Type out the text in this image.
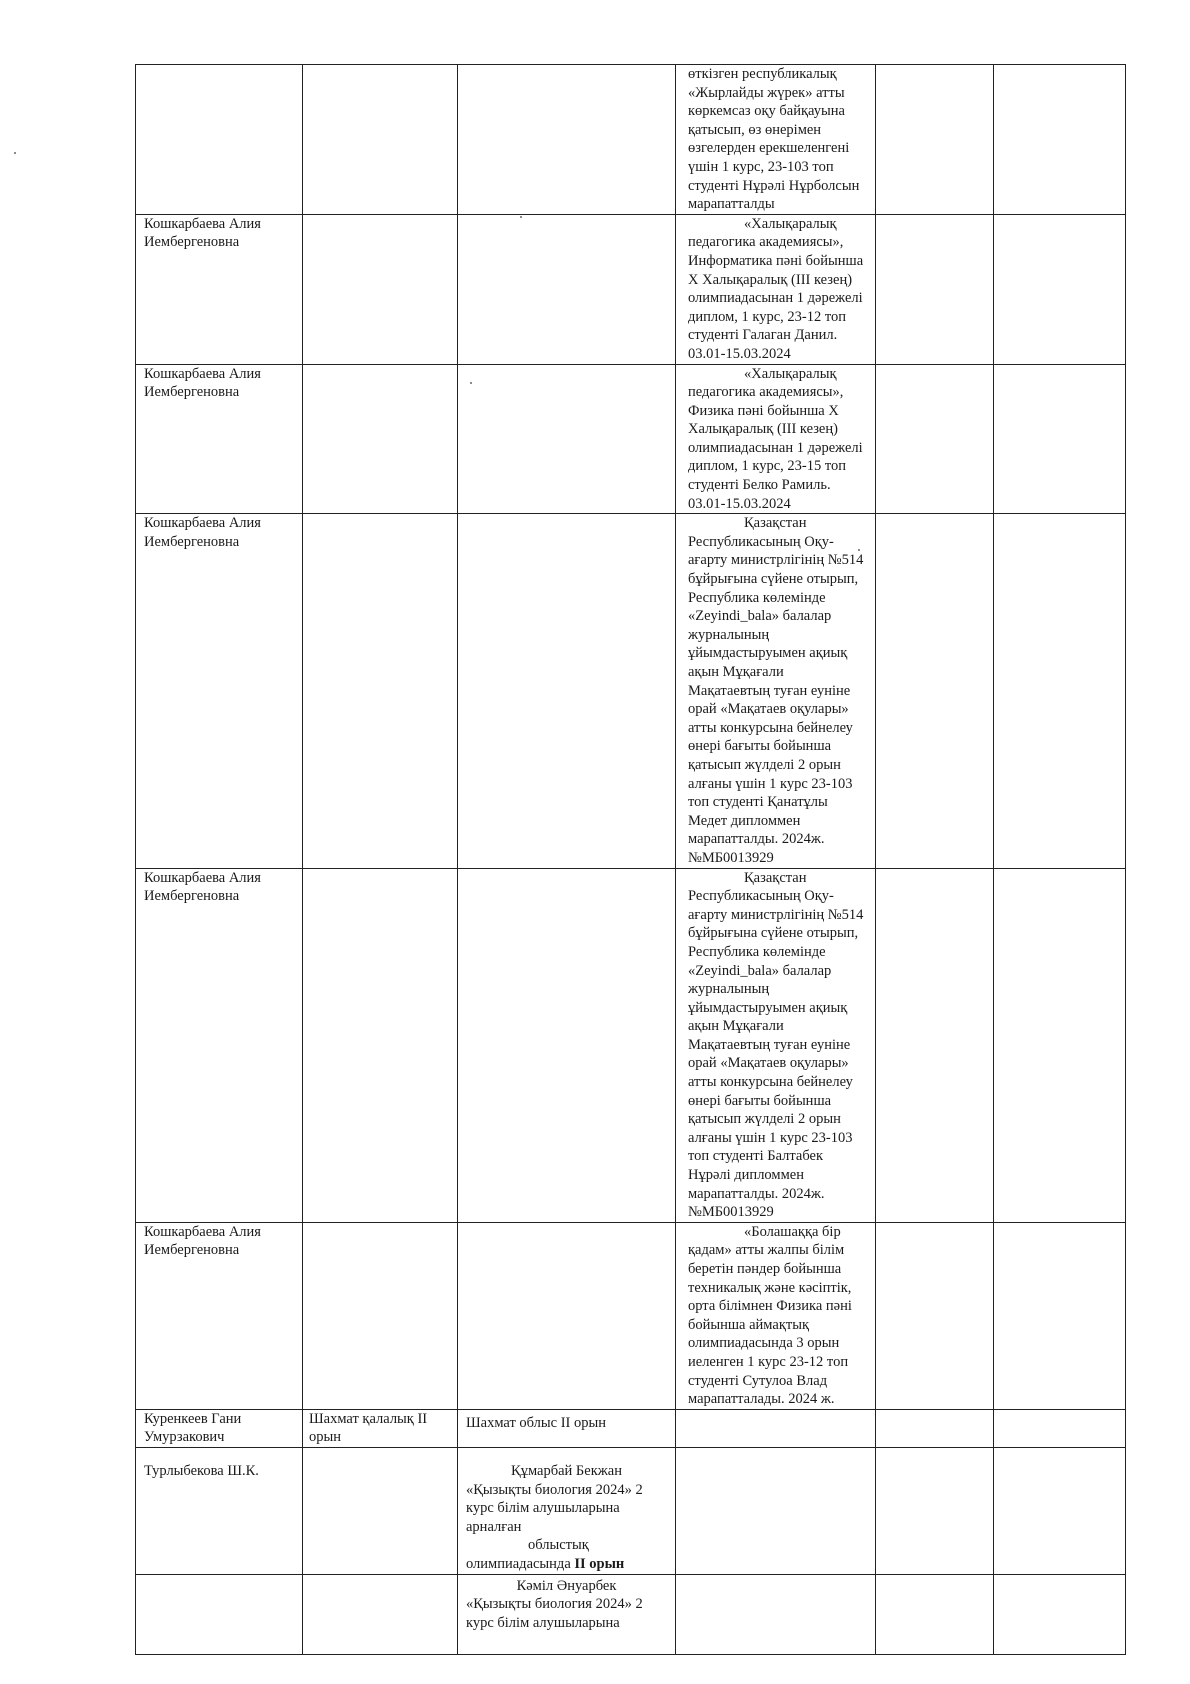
			өткізген республикалық «Жырлайды жүрек» атты көркемсаз оқу байқауына қатысып, өз өнерімен өзгелерден ерекшеленгені үшін 1 курс, 23-103 топ студенті Нұрәлі Нұрболсын марапатталды		
Кошкарбаева Алия Иембергеновна			«Халықаралық педагогика академиясы», Информатика пәні бойынша X Халықаралық (III кезең) олимпиадасынан 1 дәрежелі диплом, 1 курс, 23-12 топ студенті Галаган Данил. 03.01-15.03.2024		

Кошкарбаева Алия Иембергеновна			«Халықаралық педагогика академиясы», Физика пәні бойынша X Халықаралық (III кезең) олимпиадасынан 1 дәрежелі диплом, 1 курс, 23-15 топ студенті Белко Рамиль. 03.01-15.03.2024		

Кошкарбаева Алия Иембергеновна			Қазақстан Республикасының Оқу-ағарту министрлігінің №514 бұйрығына сүйене отырып, Республика көлемінде «Zeyindi_bala» балалар журналының ұйымдастыруымен ақиық ақын Мұқағали Мақатаевтың туған еуніне орай «Мақатаев оқулары» атты конкурсына бейнелеу өнері бағыты бойынша қатысып жүлделі 2 орын алғаны үшін 1 курс 23-103 топ студенті Қанатұлы Медет дипломмен марапатталды. 2024ж. №МБ0013929		

Кошкарбаева Алия Иембергеновна			Қазақстан Республикасының Оқу-ағарту министрлігінің №514 бұйрығына сүйене отырып, Республика көлемінде «Zeyindi_bala» балалар журналының ұйымдастыруымен ақиық ақын Мұқағали Мақатаевтың туған еуніне орай «Мақатаев оқулары» атты конкурсына бейнелеу өнері бағыты бойынша қатысып жүлделі 2 орын алғаны үшін 1 курс 23-103 топ студенті Балтабек Нұрәлі дипломмен марапатталды. 2024ж. №МБ0013929		

Кошкарбаева Алия Иембергеновна			«Болашаққа бір қадам» атты жалпы білім беретін пәндер бойынша техникалық және кәсіптік, орта білімнен Физика пәні бойынша аймақтық олимпиадасында 3 орын иеленген 1 курс 23-12 топ студенті Сутулоа Влад марапатталады. 2024 ж.		

Куренкеев Гани Умурзакович	Шахмат қалалық II орын	Шахмат облыс II орын			
Турлыбекова Ш.К.		Құмарбай Бекжан
«Қызықты биология 2024» 2 курс білім алушыларына арналған
облыстық
олимпиадасында II орын			

		Кәміл Әнуарбек
«Қызықты биология 2024» 2 курс білім алушыларына			
